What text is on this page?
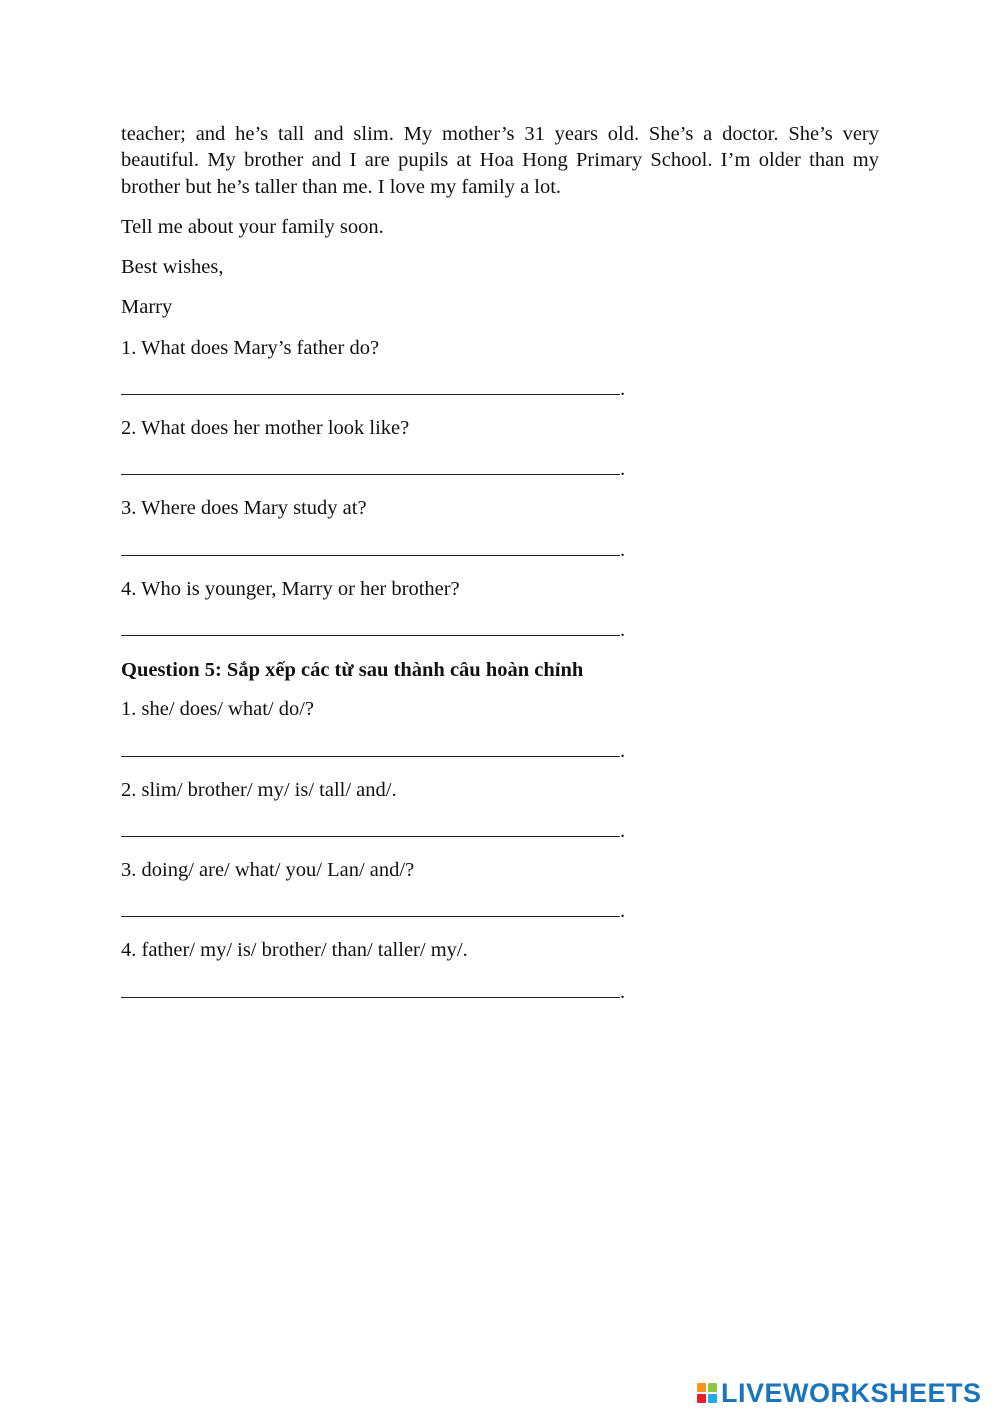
teacher; and he’s tall and slim. My mother’s 31 years old. She’s a doctor. She’s very beautiful. My brother and I are pupils at Hoa Hong Primary School. I’m older than my brother but he’s taller than me. I love my family a lot.
Tell me about your family soon.
Best wishes,
Marry
1. What does Mary’s father do?
.
2. What does her mother look like?
.
3. Where does Mary study at?
.
4. Who is younger, Marry or her brother?
.
Question 5: Sắp xếp các từ sau thành câu hoàn chỉnh
1. she/ does/ what/ do/?
.
2. slim/ brother/ my/ is/ tall/ and/.
.
3. doing/ are/ what/ you/ Lan/ and/?
.
4. father/ my/ is/ brother/ than/ taller/ my/.
.
LIVEWORKSHEETS
